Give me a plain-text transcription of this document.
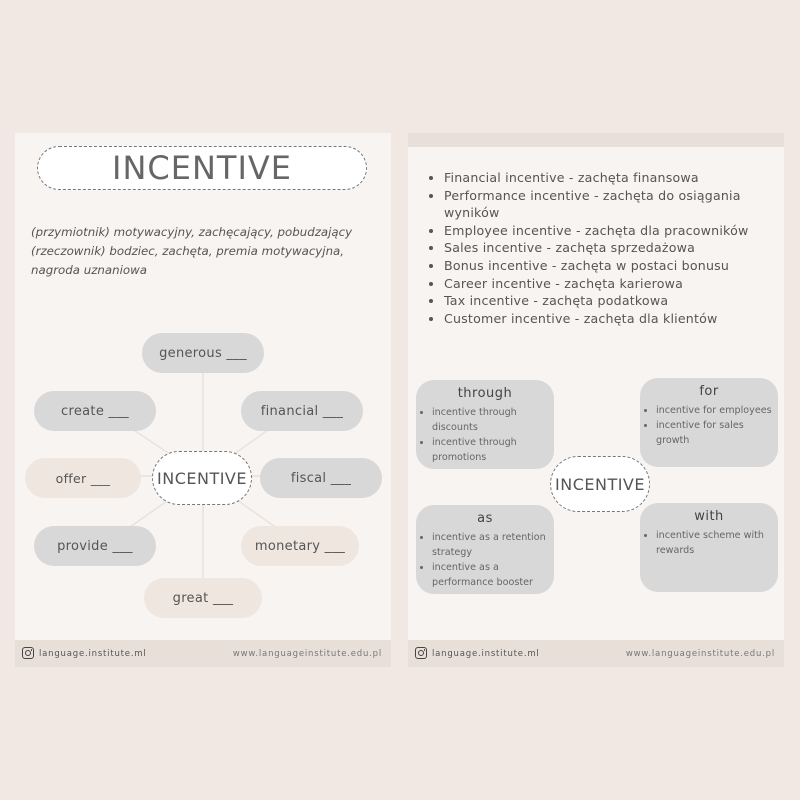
INCENTIVE
(przymiotnik) motywacyjny, zachęcający, pobudzający
(rzeczownik) bodziec, zachęta, premia motywacyjna, nagroda uznaniowa
generous ___
financial ___
create ___
offer ___	fiscal ___
provide ___	monetary ___
great ___
INCENTIVE
language.institute.ml	www.languageinstitute.edu.pl
• Financial incentive - zachęta finansowa
• Performance incentive - zachęta do osiągania wyników
• Employee incentive - zachęta dla pracowników
• Sales incentive - zachęta sprzedażowa
• Bonus incentive - zachęta w postaci bonusu
• Career incentive - zachęta karierowa
• Tax incentive - zachęta podatkowa
• Customer incentive - zachęta dla klientów
through
• incentive through discounts
• incentive through promotions
for
• incentive for employees
• incentive for sales growth
INCENTIVE
as
• incentive as a retention strategy
• incentive as a performance booster
with
• incentive scheme with rewards
language.institute.ml	www.languageinstitute.edu.pl
